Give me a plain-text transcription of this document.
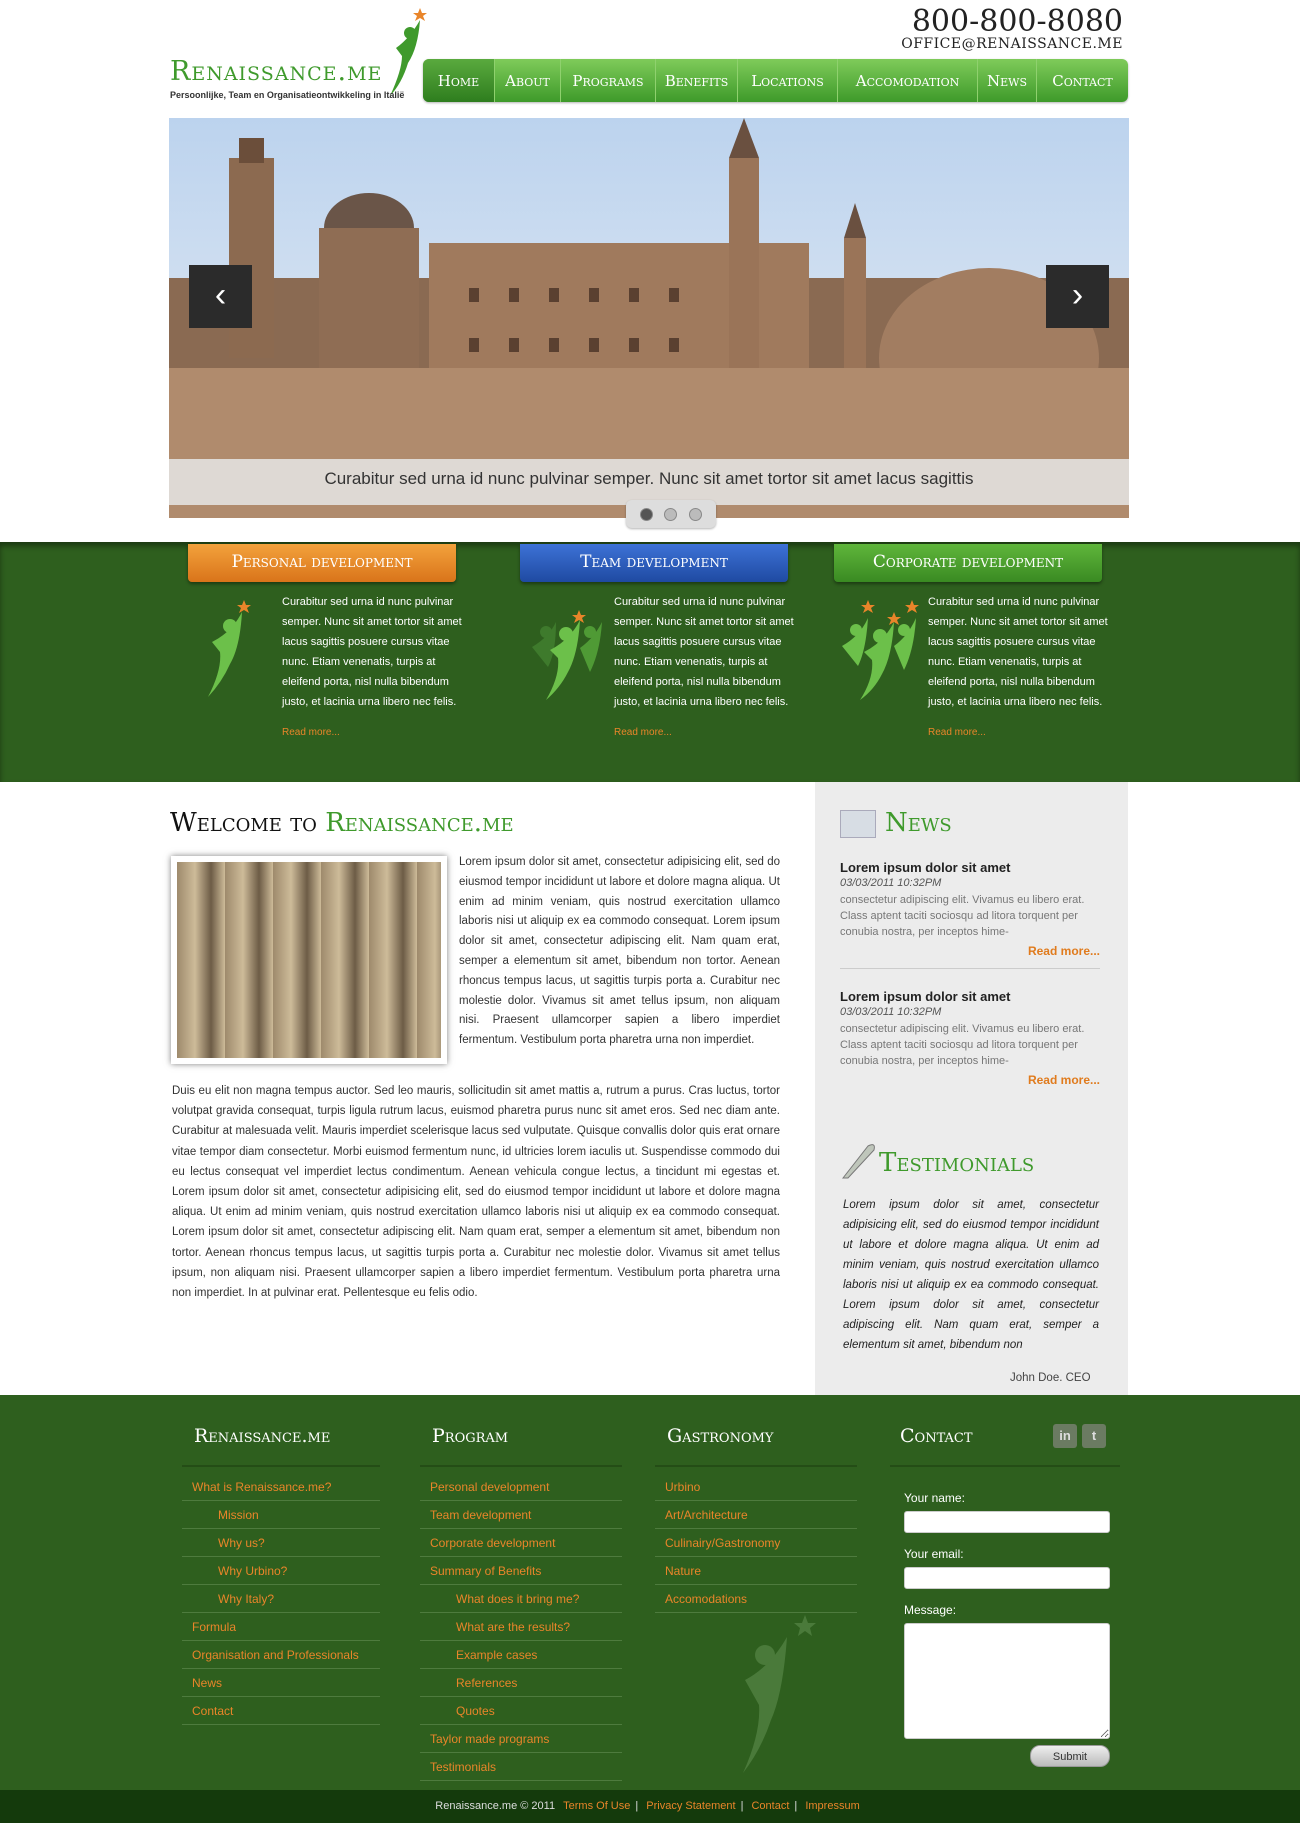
Renaissance.me
Persoonlijke, Team en Organisatieontwikkeling in Italië
800-800-8080
OFFICE@RENAISSANCE.ME
Home	About	Programs	Benefits	Locations	Accomodation	News	Contact
Curabitur sed urna id nunc pulvinar semper. Nunc sit amet tortor sit amet lacus sagittis
‹	›
Personal development
Curabitur sed urna id nunc pulvinar semper. Nunc sit amet tortor sit amet lacus sagittis posuere cursus vitae nunc. Etiam venenatis, turpis at eleifend porta, nisl nulla bibendum justo, et lacinia urna libero nec felis.
Read more...
Team development
Curabitur sed urna id nunc pulvinar semper. Nunc sit amet tortor sit amet lacus sagittis posuere cursus vitae nunc. Etiam venenatis, turpis at eleifend porta, nisl nulla bibendum justo, et lacinia urna libero nec felis.
Read more...
Corporate development
Curabitur sed urna id nunc pulvinar semper. Nunc sit amet tortor sit amet lacus sagittis posuere cursus vitae nunc. Etiam venenatis, turpis at eleifend porta, nisl nulla bibendum justo, et lacinia urna libero nec felis.
Read more...
Welcome to Renaissance.me
Lorem ipsum dolor sit amet, consectetur adipisicing elit, sed do eiusmod tempor incididunt ut labore et dolore magna aliqua. Ut enim ad minim veniam, quis nostrud exercitation ullamco laboris nisi ut aliquip ex ea commodo consequat. Lorem ipsum dolor sit amet, consectetur adipiscing elit. Nam quam erat, semper a elementum sit amet, bibendum non tortor. Aenean rhoncus tempus lacus, ut sagittis turpis porta a. Curabitur nec molestie dolor. Vivamus sit amet tellus ipsum, non aliquam nisi. Praesent ullamcorper sapien a libero imperdiet fermentum. Vestibulum porta pharetra urna non imperdiet.
Duis eu elit non magna tempus auctor. Sed leo mauris, sollicitudin sit amet mattis a, rutrum a purus. Cras luctus, tortor volutpat gravida consequat, turpis ligula rutrum lacus, euismod pharetra purus nunc sit amet eros. Sed nec diam ante. Curabitur at malesuada velit. Mauris imperdiet scelerisque lacus sed vulputate. Quisque convallis dolor quis erat ornare vitae tempor diam consectetur. Morbi euismod fermentum nunc, id ultricies lorem iaculis ut. Suspendisse commodo dui eu lectus consequat vel imperdiet lectus condimentum. Aenean vehicula congue lectus, a tincidunt mi egestas et. Lorem ipsum dolor sit amet, consectetur adipisicing elit, sed do eiusmod tempor incididunt ut labore et dolore magna aliqua. Ut enim ad minim veniam, quis nostrud exercitation ullamco laboris nisi ut aliquip ex ea commodo consequat. Lorem ipsum dolor sit amet, consectetur adipiscing elit. Nam quam erat, semper a elementum sit amet, bibendum non tortor. Aenean rhoncus tempus lacus, ut sagittis turpis porta a. Curabitur nec molestie dolor. Vivamus sit amet tellus ipsum, non aliquam nisi. Praesent ullamcorper sapien a libero imperdiet fermentum. Vestibulum porta pharetra urna non imperdiet. In at pulvinar erat. Pellentesque eu felis odio.
News
Lorem ipsum dolor sit amet
03/03/2011 10:32PM

consectetur adipiscing elit. Vivamus eu libero erat. Class aptent taciti sociosqu ad litora torquent per conubia nostra, per inceptos hime-

Read more...
Lorem ipsum dolor sit amet
03/03/2011 10:32PM

consectetur adipiscing elit. Vivamus eu libero erat. Class aptent taciti sociosqu ad litora torquent per conubia nostra, per inceptos hime-

Read more...
Testimonials
Lorem ipsum dolor sit amet, consectetur adipisicing elit, sed do eiusmod tempor incididunt ut labore et dolore magna aliqua. Ut enim ad minim veniam, quis nostrud exercitation ullamco laboris nisi ut aliquip ex ea commodo consequat. Lorem ipsum dolor sit amet, consectetur adipiscing elit. Nam quam erat, semper a elementum sit amet, bibendum non
John Doe. CEO
Renaissance.me
What is Renaissance.me?
Mission
Why us?
Why Urbino?
Why Italy?
Formula
Organisation and Professionals
News
Contact
Program
Personal development
Team development
Corporate development
Summary of Benefits
What does it bring me?
What are the results?
Example cases
References
Quotes
Taylor made programs
Testimonials
Gastronomy
Urbino
Art/Architecture
Culinairy/Gastronomy
Nature
Accomodations
Contact
Your name:
Your email:
Message:
in	t
Submit
Renaissance.me © 2011 Terms Of Use | Privacy Statement | Contact | Impressum
